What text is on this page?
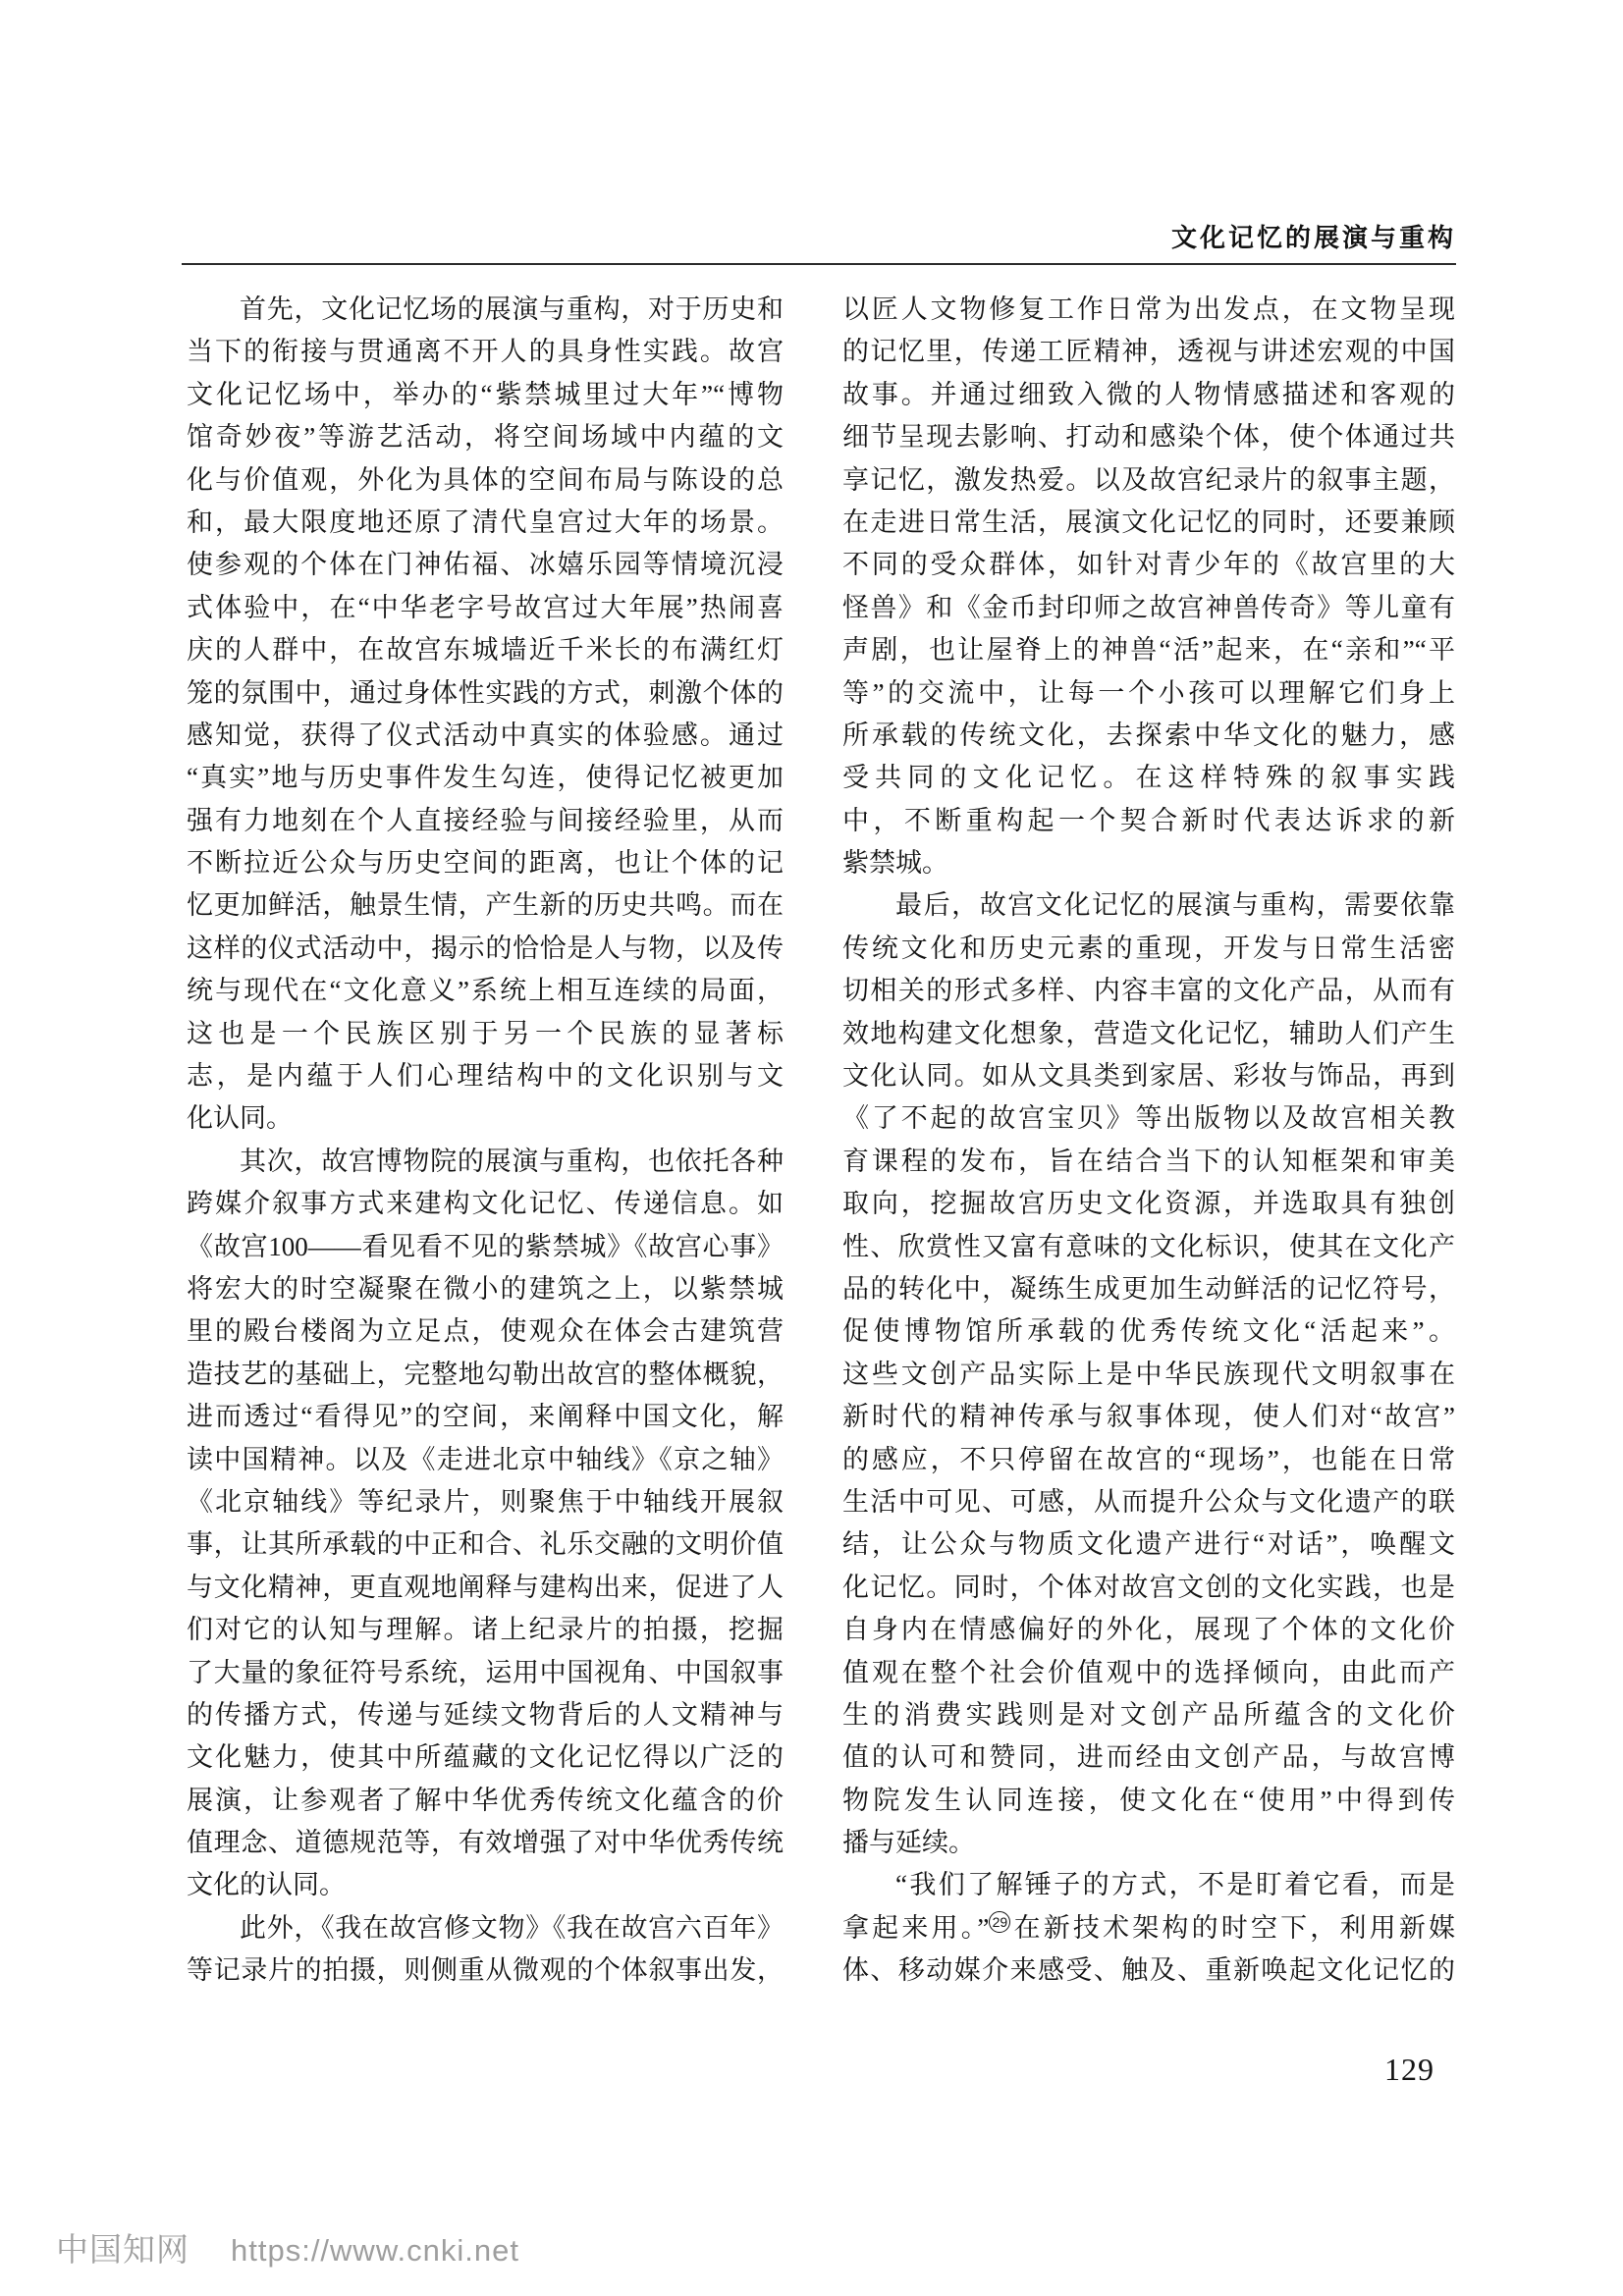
文化记忆的展演与重构
首先，文化记忆场的展演与重构，对于历史和
当下的衔接与贯通离不开人的具身性实践。故宫
文化记忆场中，举办的“紫禁城里过大年”“博物
馆奇妙夜”等游艺活动，将空间场域中内蕴的文
化与价值观，外化为具体的空间布局与陈设的总
和，最大限度地还原了清代皇宫过大年的场景。
使参观的个体在门神佑福、冰嬉乐园等情境沉浸
式体验中，在“中华老字号故宫过大年展”热闹喜
庆的人群中，在故宫东城墙近千米长的布满红灯
笼的氛围中，通过身体性实践的方式，刺激个体的
感知觉，获得了仪式活动中真实的体验感。通过
“真实”地与历史事件发生勾连，使得记忆被更加
强有力地刻在个人直接经验与间接经验里，从而
不断拉近公众与历史空间的距离，也让个体的记
忆更加鲜活，触景生情，产生新的历史共鸣。而在
这样的仪式活动中，揭示的恰恰是人与物，以及传
统与现代在“文化意义”系统上相互连续的局面，
这也是一个民族区别于另一个民族的显著标
志，是内蕴于人们心理结构中的文化识别与文
化认同。
其次，故宫博物院的展演与重构，也依托各种
跨媒介叙事方式来建构文化记忆、传递信息。如
《故宫100——看见看不见的紫禁城》《故宫心事》
将宏大的时空凝聚在微小的建筑之上，以紫禁城
里的殿台楼阁为立足点，使观众在体会古建筑营
造技艺的基础上，完整地勾勒出故宫的整体概貌，
进而透过“看得见”的空间，来阐释中国文化，解
读中国精神。以及《走进北京中轴线》《京之轴》
《北京轴线》等纪录片，则聚焦于中轴线开展叙
事，让其所承载的中正和合、礼乐交融的文明价值
与文化精神，更直观地阐释与建构出来，促进了人
们对它的认知与理解。诸上纪录片的拍摄，挖掘
了大量的象征符号系统，运用中国视角、中国叙事
的传播方式，传递与延续文物背后的人文精神与
文化魅力，使其中所蕴藏的文化记忆得以广泛的
展演，让参观者了解中华优秀传统文化蕴含的价
值理念、道德规范等，有效增强了对中华优秀传统
文化的认同。
此外，《我在故宫修文物》《我在故宫六百年》
等记录片的拍摄，则侧重从微观的个体叙事出发，
以匠人文物修复工作日常为出发点，在文物呈现
的记忆里，传递工匠精神，透视与讲述宏观的中国
故事。并通过细致入微的人物情感描述和客观的
细节呈现去影响、打动和感染个体，使个体通过共
享记忆，激发热爱。以及故宫纪录片的叙事主题，
在走进日常生活，展演文化记忆的同时，还要兼顾
不同的受众群体，如针对青少年的《故宫里的大
怪兽》和《金币封印师之故宫神兽传奇》等儿童有
声剧，也让屋脊上的神兽“活”起来，在“亲和”“平
等”的交流中，让每一个小孩可以理解它们身上
所承载的传统文化，去探索中华文化的魅力，感
受共同的文化记忆。在这样特殊的叙事实践
中，不断重构起一个契合新时代表达诉求的新
紫禁城。
最后，故宫文化记忆的展演与重构，需要依靠
传统文化和历史元素的重现，开发与日常生活密
切相关的形式多样、内容丰富的文化产品，从而有
效地构建文化想象，营造文化记忆，辅助人们产生
文化认同。如从文具类到家居、彩妆与饰品，再到
《了不起的故宫宝贝》等出版物以及故宫相关教
育课程的发布，旨在结合当下的认知框架和审美
取向，挖掘故宫历史文化资源，并选取具有独创
性、欣赏性又富有意味的文化标识，使其在文化产
品的转化中，凝练生成更加生动鲜活的记忆符号，
促使博物馆所承载的优秀传统文化“活起来”。
这些文创产品实际上是中华民族现代文明叙事在
新时代的精神传承与叙事体现，使人们对“故宫”
的感应，不只停留在故宫的“现场”，也能在日常
生活中可见、可感，从而提升公众与文化遗产的联
结，让公众与物质文化遗产进行“对话”，唤醒文
化记忆。同时，个体对故宫文创的文化实践，也是
自身内在情感偏好的外化，展现了个体的文化价
值观在整个社会价值观中的选择倾向，由此而产
生的消费实践则是对文创产品所蕴含的文化价
值的认可和赞同，进而经由文创产品，与故宫博
物院发生认同连接，使文化在“使用”中得到传
播与延续。
“我们了解锤子的方式，不是盯着它看，而是
拿起来用。” $^{29}$ 在新技术架构的时空下，利用新媒
体、移动媒介来感受、触及、重新唤起文化记忆的
129
中国知网 https://www.cnki.net
